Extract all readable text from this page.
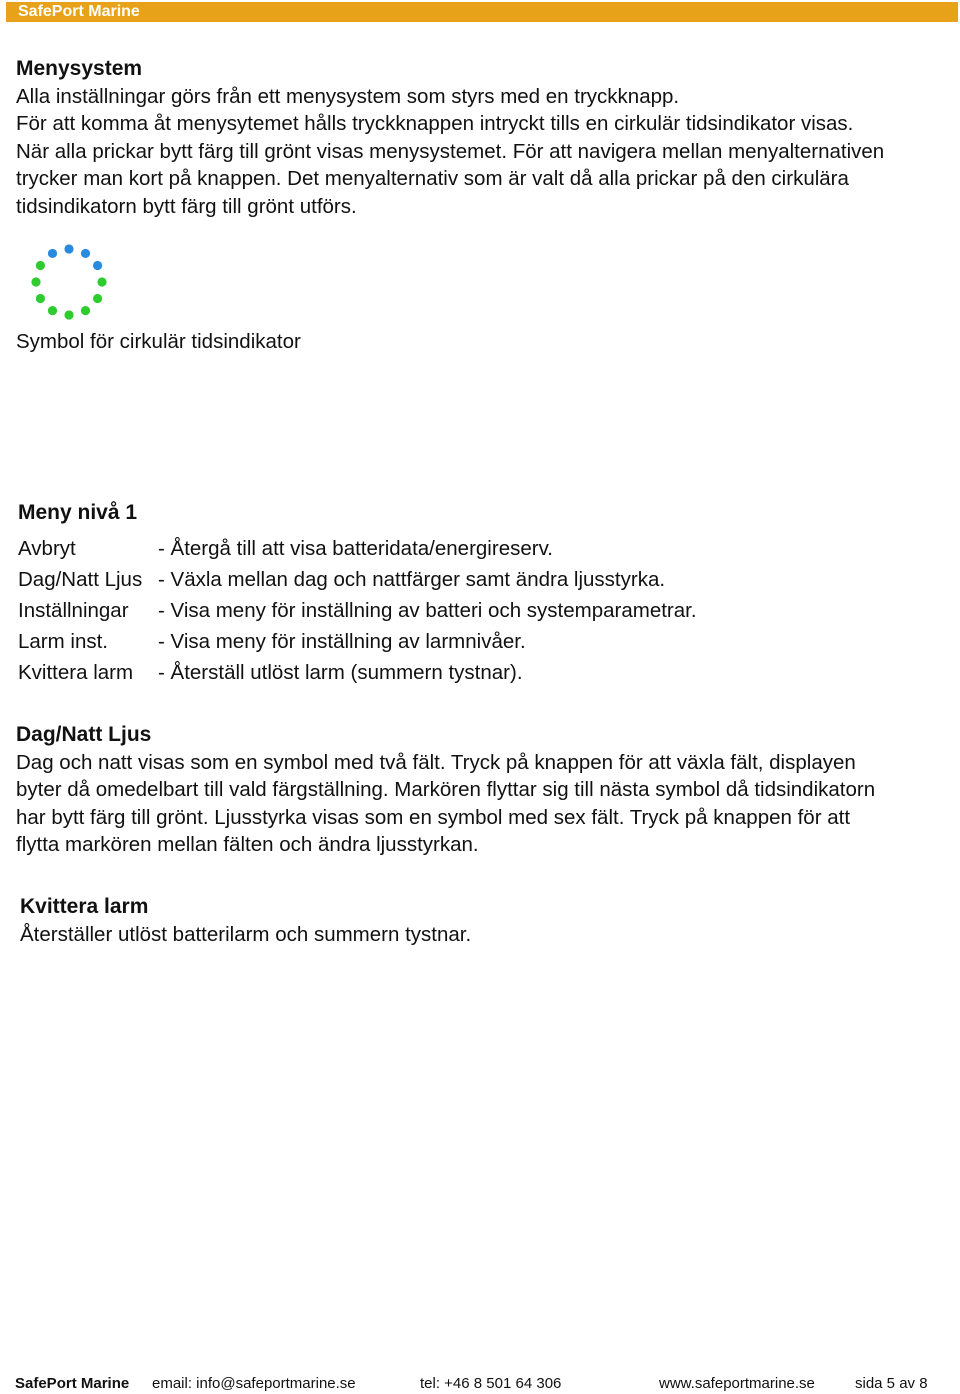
SafePort Marine
Menysystem
Alla inställningar görs från ett menysystem som styrs med en tryckknapp.
För att komma åt menysytemet hålls tryckknappen intryckt tills en cirkulär tidsindikator visas.
När alla prickar bytt färg till grönt visas menysystemet. För att navigera mellan menyalternativen
trycker man kort på knappen. Det menyalternativ som är valt då alla prickar på den cirkulära
tidsindikatorn bytt färg till grönt utförs.
Symbol för cirkulär tidsindikator
Meny nivå 1
Avbryt	- Återgå till att visa batteridata/energireserv.
Dag/Natt Ljus - Växla mellan dag och nattfärger samt ändra ljusstyrka.
Inställningar	- Visa meny för inställning av batteri och systemparametrar.
Larm inst.	- Visa meny för inställning av larmnivåer.
Kvittera larm	- Återställ utlöst larm (summern tystnar).
Dag/Natt Ljus
Dag och natt visas som en symbol med två fält. Tryck på knappen för att växla fält, displayen
byter då omedelbart till vald färgställning. Markören flyttar sig till nästa symbol då tidsindikatorn
har bytt färg till grönt. Ljusstyrka visas som en symbol med sex fält. Tryck på knappen för att
flytta markören mellan fälten och ändra ljusstyrkan.
Kvittera larm
Återställer utlöst batterilarm och summern tystnar.
SafePort Marine email: info@safeportmarine.se	tel: +46 8 501 64 306	www.safeportmarine.se	sida 5 av 8
